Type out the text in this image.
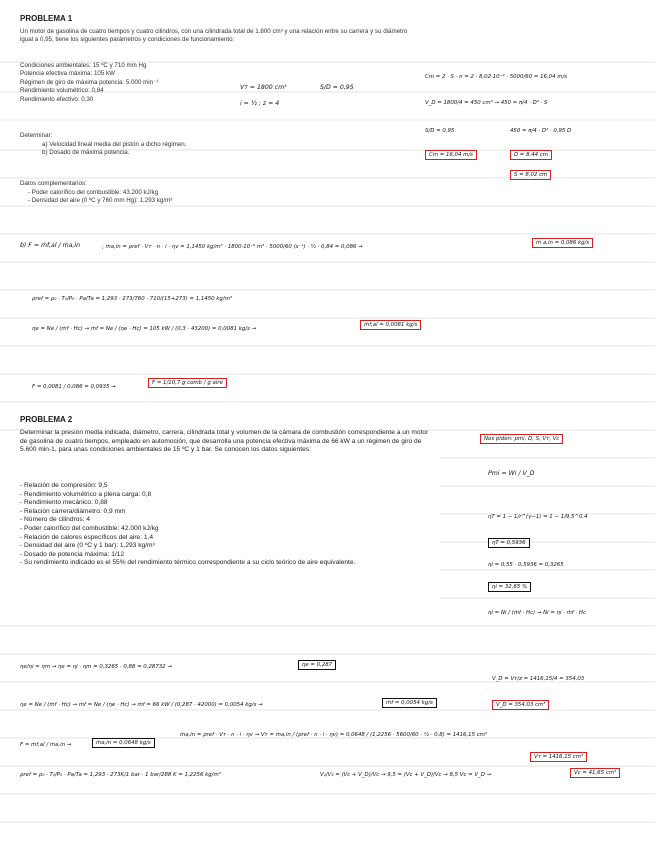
PROBLEMA 1
Un motor de gasolina de cuatro tiempos y cuatro cilindros, con una cilindrada total de 1.800 cm³ y una relación entre su carrera y su diámetro igual a 0,95, tiene los siguientes parámetros y condiciones de funcionamiento:
Condiciones ambientales: 15 ºC y 710 mm Hg
Potencia efectiva máxima: 105 kW
Régimen de giro de máxima potencia: 5.000 min⁻¹
Rendimiento volumétrico: 0,84
Rendimiento efectivo: 0,30
Vт = 1800 cm³	S/D = 0,95
i = ½ ; z = 4
Determinar:
a) Velocidad lineal media del pistón a dicho régimen.
b) Dosado de máxima potencia.
Datos complementarios:
- Poder calorífico del combustible: 43.200 kJ/kg
- Densidad del aire (0 ºC y 760 mm Hg): 1,293 kg/m³
Cm = 2 · S · n = 2 · 8,02·10⁻² · 5000/60 = 16,04 m/s
V_D = 1800/4 = 450 cm³ → 450 = π/4 · D² · S
S/D = 0,95	450 = π/4 · D³ · 0,95 D
Cm = 16,04 m/s	D = 8,44 cm
S = 8,02 cm
b) F = ṁf,al / ṁa,in	; ṁa,in = ρref · Vт · n · i · ηv = 1,1450 kg/m³ · 1800·10⁻⁶ m³ · 5000/60 (s⁻¹) · ½ · 0,84 = 0,086 →
ṁ a,in = 0,086 kg/s
ρref = ρ₀ · T₀/P₀ · Pa/Ta = 1,293 · 273/760 · 710/(15+273) = 1,1450 kg/m³
ηe = Ne / (ṁf · Hc) → ṁf = Ne / (ηe · Hc) = 105 kW / (0,3 · 43200) = 0,0081 kg/s →
ṁf,al = 0,0081 kg/s
F = 0,0081 / 0,086 = 0,0935 →
F = 1/10,7 g comb / g aire
PROBLEMA 2
Determinar la presión media indicada, diámetro, carrera, cilindrada total y volumen de la cámara de combustión correspondiente a un motor de gasolina de cuatro tiempos, empleado en automoción, que desarrolla una potencia efectiva máxima de 66 kW a un régimen de giro de 5.600 min-1, para unas condiciones ambientales de 15 ºC y 1 bar. Se conocen los datos siguientes:
- Relación de compresión: 9,5
- Rendimiento volumétrico a plena carga: 0,8
- Rendimiento mecánico: 0,88
- Relación carrera/diámetro: 0,9 mm
- Número de cilindros: 4
- Poder calorífico del combustible: 42.000 kJ/kg
- Relación de calores específicos del aire: 1,4
- Densidad del aire (0 ºC y 1 bar): 1,293 kg/m³
- Dosado de potencia máxima: 1/12
- Su rendimiento indicado es el 55% del rendimiento térmico correspondiente a su ciclo teórico de aire equivalente.
Nos piden: pmi, D, S, Vт, Vc
Pmi = Wi / V_D
ηT = 1 − 1/r^(γ−1) = 1 − 1/9,5^0,4
ηT = 0,5936
ηi = 0,55 · 0,5936 = 0,3265
ηi = 32,65 %
ηi = Ni / (ṁf · Hc) → Ni = ηi · ṁf · Hc
ηe/ηi = ηm → ηe = ηi · ηm = 0,3265 · 0,88 = 0,28732 →	ηe = 0,287
V_D = Vт/z = 1416,15/4 = 354,03
V_D = 354,03 cm³
ηe = Ne / (ṁf · Hc) → ṁf = Ne / (ηe · Hc) → ṁf = 66 kW / (0,287 · 42000) = 0,0054 kg/s →	ṁf = 0,0054 kg/s
F = ṁf,al / ṁa,in →	ṁa,in = 0,0648 kg/s
ṁa,in = ρref · Vт · n · i · ηv → Vт = ṁa,in / (ρref · n · i · ηv) = 0,0648 / (1,2256 · 5600/60 · ½ · 0,8) = 1416,15 cm³
Vт = 1416,15 cm³
ρref = ρ₀ · T₀/P₀ · Pa/Ta = 1,293 · 273K/1 bar · 1 bar/288 K = 1,2256 kg/m³	V₁/V₂ = (Vc + V_D)/Vc → 9,5 = (Vc + V_D)/Vc → 8,5 Vc = V_D →	Vc = 41,65 cm³
